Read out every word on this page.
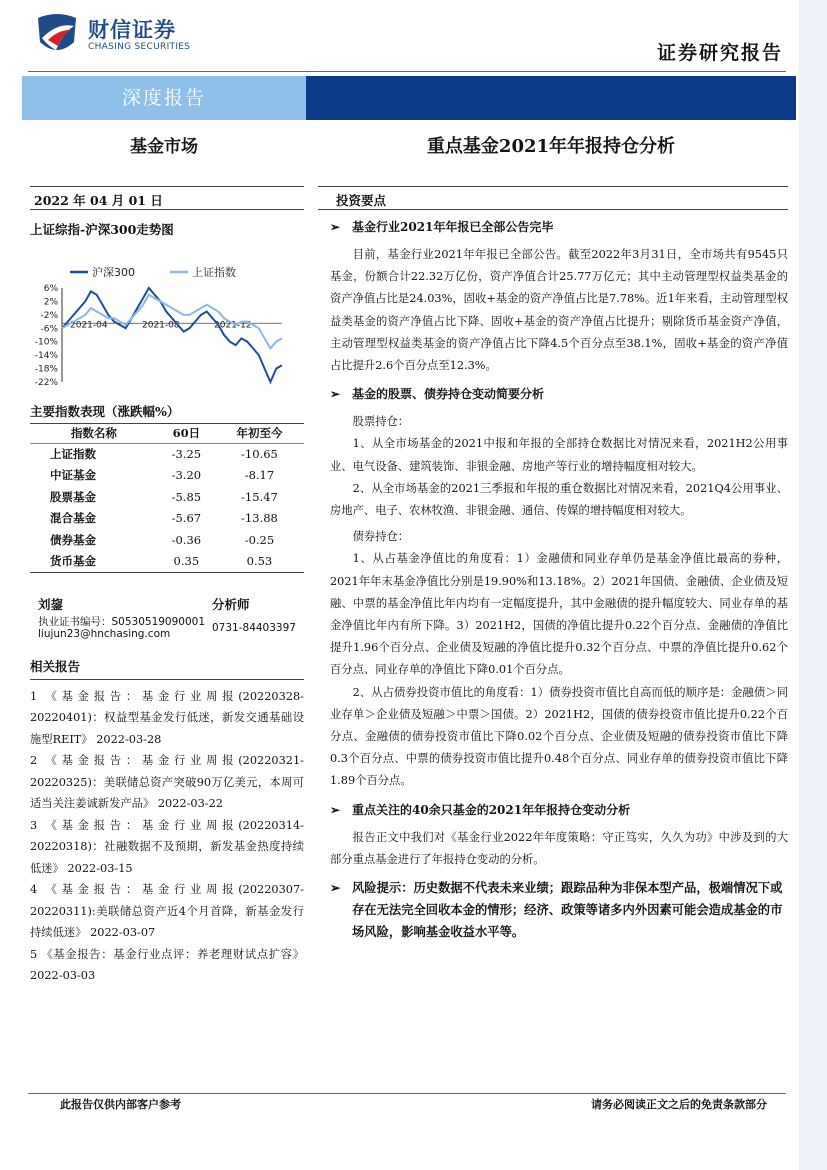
财信证券
CHASING SECURITIES	证券研究报告
深度报告
基金市场	重点基金2021年年报持仓分析
2022 年 04 月 01 日
上证综指-沪深300走势图
沪深300	上证指数
6%
2%
-2%
-6%
-10%
-14%
-18%
-22%
2021-04	2021-08	2021-12
主要指数表现（涨跌幅%）
指数名称	60日	年初至今
上证指数	-3.25	-10.65
中证基金	-3.20	-8.17
股票基金	-5.85	-15.47
混合基金	-5.67	-13.88
债券基金	-0.36	-0.25
货币基金	0.35	0.53
刘鋆	分析师
执业证书编号：S0530519090001
liujun23@hnchasing.com	0731-84403397
相关报告
1 《基金报告：基金行业周报(20220328-20220401)：权益型基金发行低迷，新发交通基础设施型REIT》 2022-03-28
2 《基金报告：基金行业周报(20220321-20220325)：美联储总资产突破90万亿美元，本周可适当关注姜诚新发产品》 2022-03-22
3 《基金报告：基金行业周报(20220314-20220318)：社融数据不及预期，新发基金热度持续低迷》 2022-03-15
4 《基金报告：基金行业周报(20220307-20220311):美联储总资产近4个月首降，新基金发行持续低迷》 2022-03-07
5 《基金报告：基金行业点评：养老理财试点扩容》 2022-03-03
投资要点
➢ 基金行业2021年年报已全部公告完毕
目前，基金行业2021年年报已全部公告。截至2022年3月31日，全市场共有9545只基金，份额合计22.32万亿份，资产净值合计25.77万亿元；其中主动管理型权益类基金的资产净值占比是24.03%，固收+基金的资产净值占比是7.78%。近1年来看，主动管理型权益类基金的资产净值占比下降、固收+基金的资产净值占比提升；剔除货币基金资产净值，主动管理型权益类基金的资产净值占比下降4.5个百分点至38.1%，固收+基金的资产净值占比提升2.6个百分点至12.3%。
➢ 基金的股票、债券持仓变动简要分析
股票持仓：
1、从全市场基金的2021中报和年报的全部持仓数据比对情况来看，2021H2公用事业、电气设备、建筑装饰、非银金融、房地产等行业的增持幅度相对较大。
2、从全市场基金的2021三季报和年报的重仓数据比对情况来看，2021Q4公用事业、房地产、电子、农林牧渔、非银金融、通信、传媒的增持幅度相对较大。
债券持仓：
1、从占基金净值比的角度看：1）金融债和同业存单仍是基金净值比最高的券种，2021年年末基金净值比分别是19.90%和13.18%。2）2021年国债、金融债、企业债及短融、中票的基金净值比年内均有一定幅度提升，其中金融债的提升幅度较大、同业存单的基金净值比年内有所下降。3）2021H2，国债的净值比提升0.22个百分点、金融债的净值比提升1.96个百分点、企业债及短融的净值比提升0.32个百分点、中票的净值比提升0.62个百分点、同业存单的净值比下降0.01个百分点。
2、从占债券投资市值比的角度看：1）债券投资市值比自高而低的顺序是：金融债＞同业存单＞企业债及短融＞中票＞国债。2）2021H2，国债的债券投资市值比提升0.22个百分点、金融债的债券投资市值比下降0.02个百分点、企业债及短融的债券投资市值比下降0.3个百分点、中票的债券投资市值比提升0.48个百分点、同业存单的债券投资市值比下降1.89个百分点。
➢ 重点关注的40余只基金的2021年年报持仓变动分析
报告正文中我们对《基金行业2022年年度策略：守正笃实，久久为功》中涉及到的大部分重点基金进行了年报持仓变动的分析。
➢ 风险提示：历史数据不代表未来业绩；跟踪品种为非保本型产品，极端情况下或存在无法完全回收本金的情形；经济、政策等诸多内外因素可能会造成基金的市场风险，影响基金收益水平等。
此报告仅供内部客户参考	请务必阅读正文之后的免责条款部分
